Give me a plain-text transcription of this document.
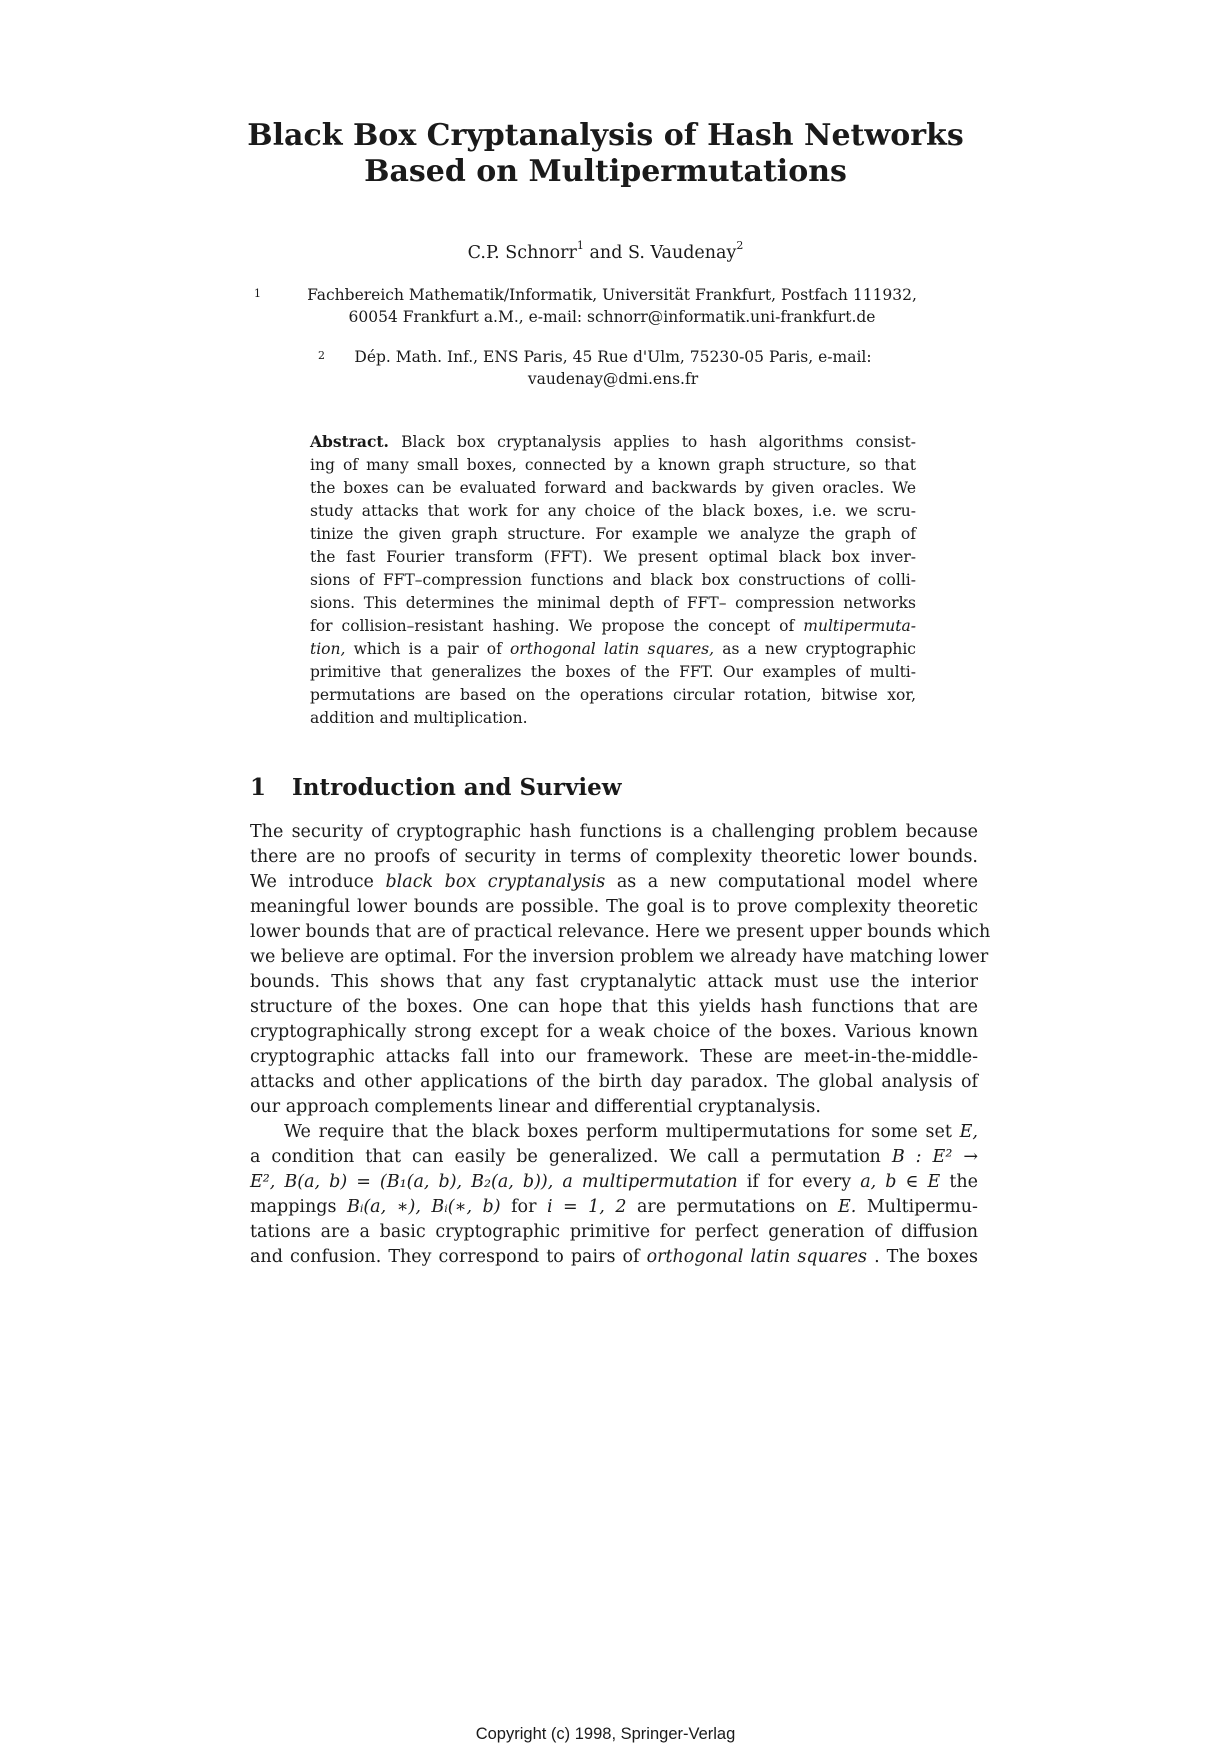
Black Box Cryptanalysis of Hash Networks
Based on Multipermutations
C.P. Schnorr$^1$ and S. Vaudenay$^2$
1	Fachbereich Mathematik/Informatik, Universität Frankfurt, Postfach 111932,
60054 Frankfurt a.M., e-mail: schnorr@informatik.uni-frankfurt.de
2	Dép. Math. Inf., ENS Paris, 45 Rue d'Ulm, 75230-05 Paris, e-mail:
vaudenay@dmi.ens.fr
Abstract. Black box cryptanalysis applies to hash algorithms consist-
ing of many small boxes, connected by a known graph structure, so that
the boxes can be evaluated forward and backwards by given oracles. We
study attacks that work for any choice of the black boxes, i.e. we scru-
tinize the given graph structure. For example we analyze the graph of
the fast Fourier transform (FFT). We present optimal black box inver-
sions of FFT–compression functions and black box constructions of colli-
sions. This determines the minimal depth of FFT– compression networks
for collision–resistant hashing. We propose the concept of multipermuta-
tion, which is a pair of orthogonal latin squares, as a new cryptographic
primitive that generalizes the boxes of the FFT. Our examples of multi-
permutations are based on the operations circular rotation, bitwise xor,
addition and multiplication.
1 Introduction and Surview
The security of cryptographic hash functions is a challenging problem because
there are no proofs of security in terms of complexity theoretic lower bounds.
We introduce black box cryptanalysis as a new computational model where
meaningful lower bounds are possible. The goal is to prove complexity theoretic
lower bounds that are of practical relevance. Here we present upper bounds which
we believe are optimal. For the inversion problem we already have matching lower
bounds. This shows that any fast cryptanalytic attack must use the interior
structure of the boxes. One can hope that this yields hash functions that are
cryptographically strong except for a weak choice of the boxes. Various known
cryptographic attacks fall into our framework. These are meet-in-the-middle-
attacks and other applications of the birth day paradox. The global analysis of
our approach complements linear and differential cryptanalysis.
We require that the black boxes perform multipermutations for some set E,
a condition that can easily be generalized. We call a permutation B : E² →
E², B(a, b) = (B₁(a, b), B₂(a, b)), a multipermutation if for every a, b ∈ E the
mappings Bᵢ(a, ∗), Bᵢ(∗, b) for i = 1, 2 are permutations on E. Multipermu-
tations are a basic cryptographic primitive for perfect generation of diffusion
and confusion. They correspond to pairs of orthogonal latin squares . The boxes
Copyright (c) 1998, Springer-Verlag
